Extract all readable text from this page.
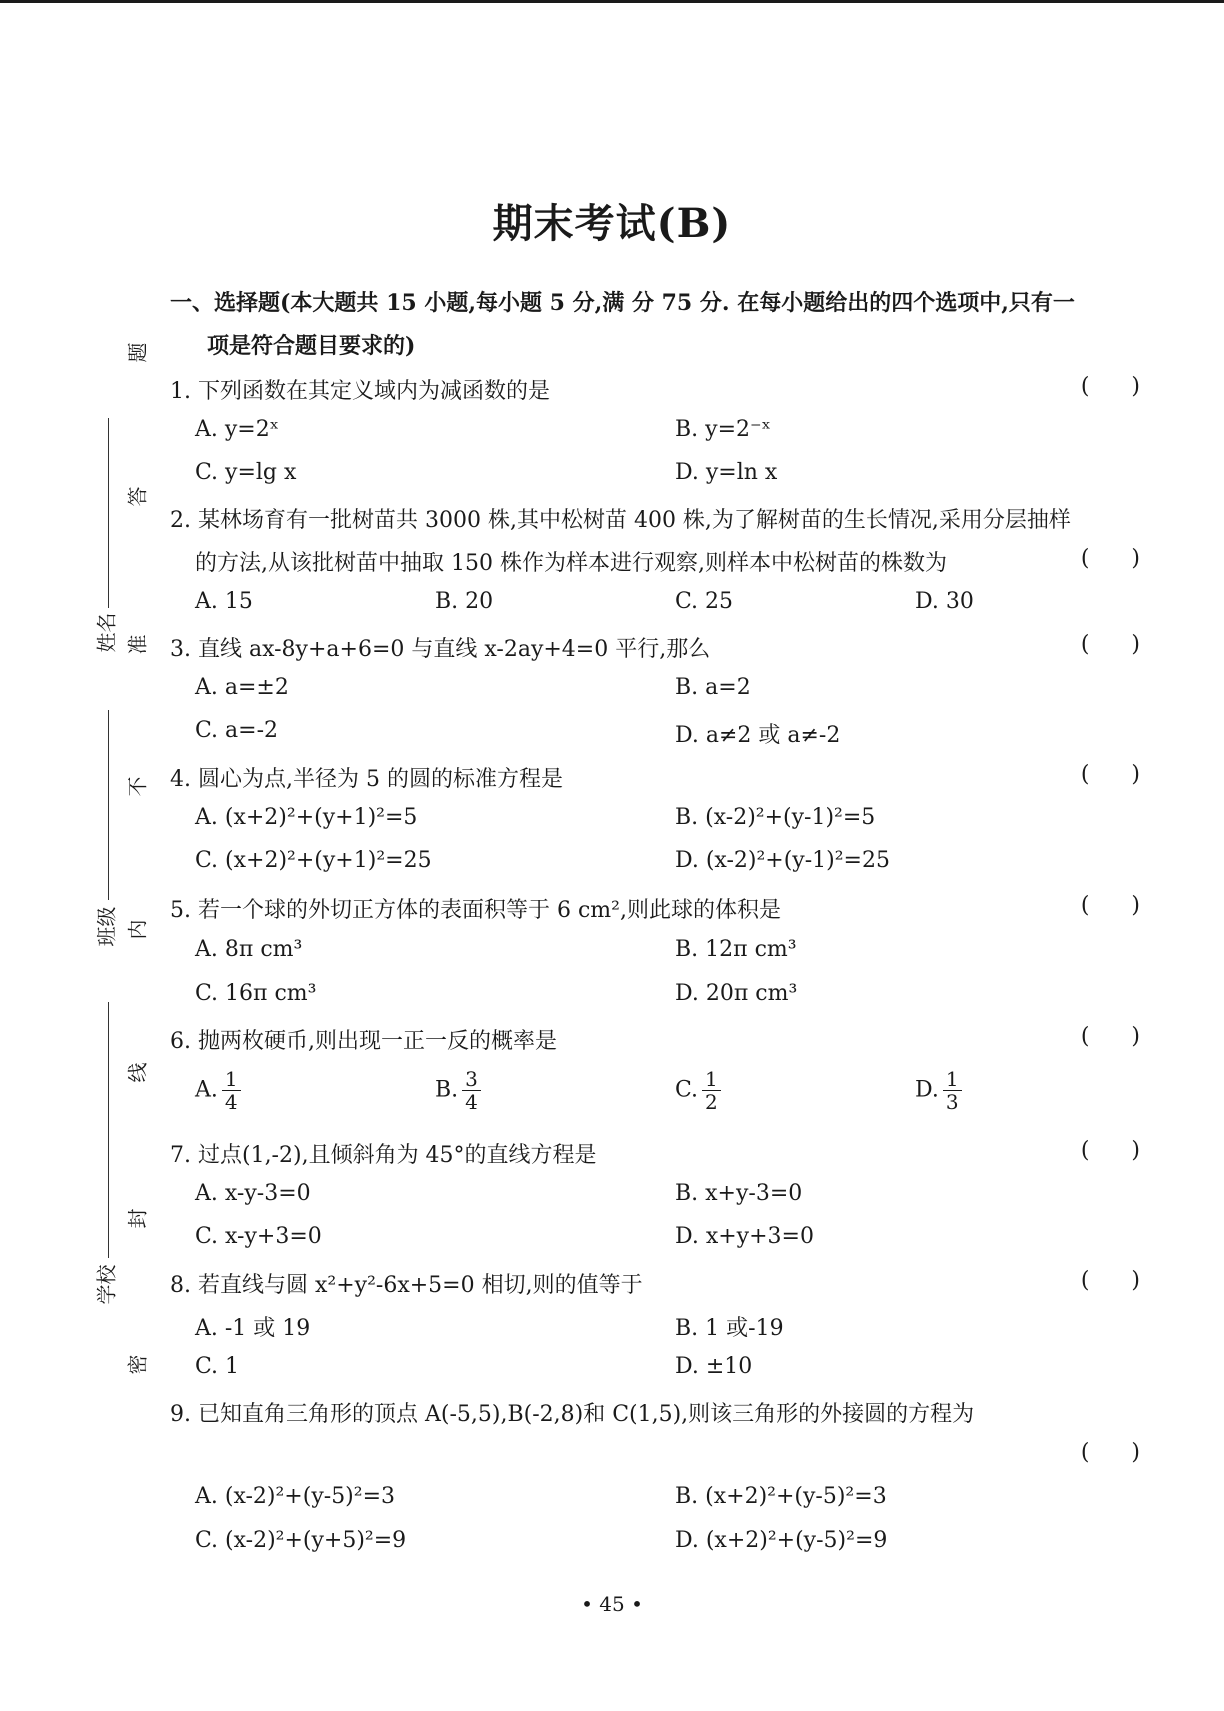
题
答
准
不
内
线
封
密
姓名
班级
学校
期末考试(B)
一、选择题(本大题共 15 小题,每小题 5 分,满 分 75 分. 在每小题给出的四个选项中,只有一
项是符合题目要求的)
1. 下列函数在其定义域内为减函数的是	(      )
A. y=2ˣ	B. y=2⁻ˣ
C. y=lg x	D. y=ln x
2. 某林场育有一批树苗共 3000 株,其中松树苗 400 株,为了解树苗的生长情况,采用分层抽样
的方法,从该批树苗中抽取 150 株作为样本进行观察,则样本中松树苗的株数为	(      )
A. 15	B. 20	C. 25	D. 30
3. 直线 ax-8y+a+6=0 与直线 x-2ay+4=0 平行,那么	(      )
A. a=±2	B. a=2
C. a=-2	D. a≠2 或 a≠-2
4. 圆心为点,半径为 5 的圆的标准方程是	(      )
A. (x+2)²+(y+1)²=5	B. (x-2)²+(y-1)²=5
C. (x+2)²+(y+1)²=25	D. (x-2)²+(y-1)²=25
5. 若一个球的外切正方体的表面积等于 6 cm²,则此球的体积是	(      )
A. 8π cm³	B. 12π cm³
C. 16π cm³	D. 20π cm³
6. 抛两枚硬币,则出现一正一反的概率是	(      )
A. $\frac{1}{4}$	B. $\frac{3}{4}$	C. $\frac{1}{2}$	D. $\frac{1}{3}$
7. 过点(1,-2),且倾斜角为 45°的直线方程是	(      )
A. x-y-3=0	B. x+y-3=0
C. x-y+3=0	D. x+y+3=0
8. 若直线与圆 x²+y²-6x+5=0 相切,则的值等于	(      )
A. -1 或 19	B. 1 或-19
C. 1	D. ±10
9. 已知直角三角形的顶点 A(-5,5),B(-2,8)和 C(1,5),则该三角形的外接圆的方程为
(      )
A. (x-2)²+(y-5)²=3	B. (x+2)²+(y-5)²=3
C. (x-2)²+(y+5)²=9	D. (x+2)²+(y-5)²=9
• 45 •
